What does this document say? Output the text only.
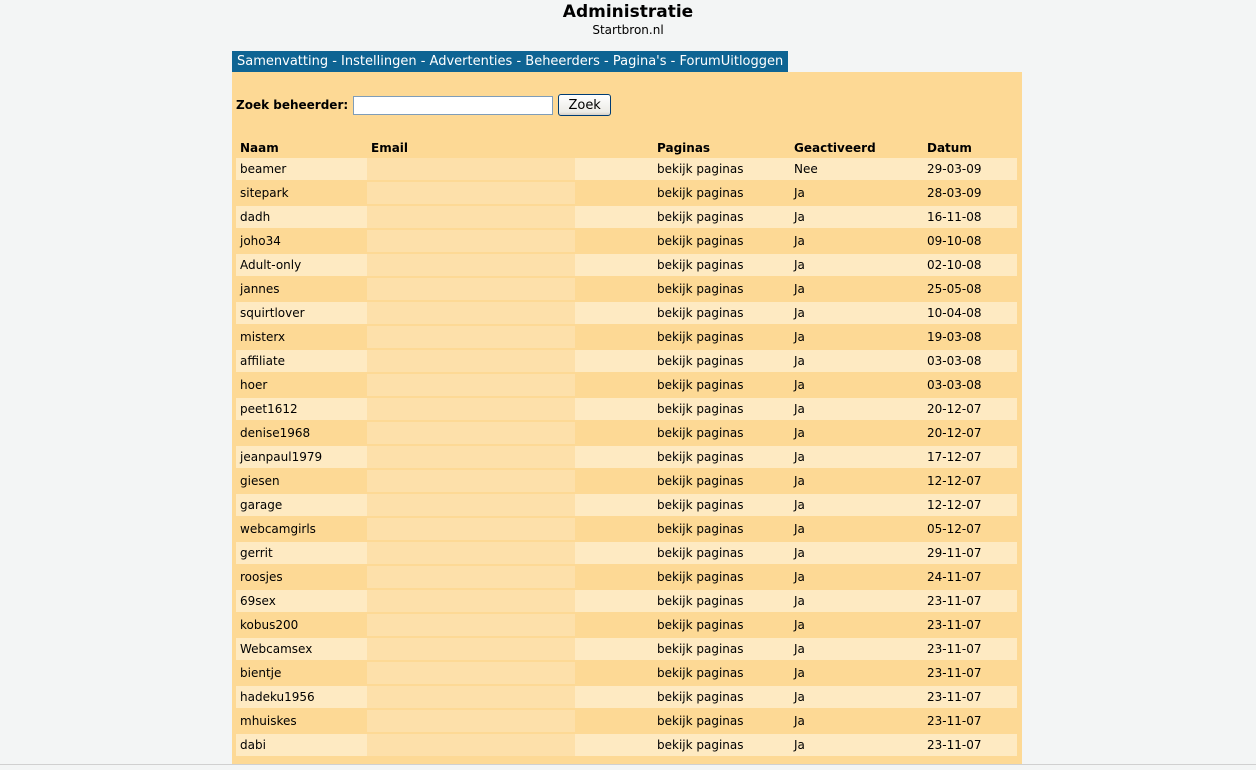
Administratie
Startbron.nl
Samenvatting - Instellingen - Advertenties - Beheerders - Pagina's - ForumUitloggen
Zoek beheerder:	Zoek
Naam	Email		Paginas	Geactiveerd	Datum
beamer			bekijk paginas	Nee	29-03-09
sitepark			bekijk paginas	Ja	28-03-09
dadh			bekijk paginas	Ja	16-11-08
joho34			bekijk paginas	Ja	09-10-08
Adult-only			bekijk paginas	Ja	02-10-08
jannes			bekijk paginas	Ja	25-05-08
squirtlover			bekijk paginas	Ja	10-04-08
misterx			bekijk paginas	Ja	19-03-08
affiliate			bekijk paginas	Ja	03-03-08
hoer			bekijk paginas	Ja	03-03-08
peet1612			bekijk paginas	Ja	20-12-07
denise1968			bekijk paginas	Ja	20-12-07
jeanpaul1979			bekijk paginas	Ja	17-12-07
giesen			bekijk paginas	Ja	12-12-07
garage			bekijk paginas	Ja	12-12-07
webcamgirls			bekijk paginas	Ja	05-12-07
gerrit			bekijk paginas	Ja	29-11-07
roosjes			bekijk paginas	Ja	24-11-07
69sex			bekijk paginas	Ja	23-11-07
kobus200			bekijk paginas	Ja	23-11-07
Webcamsex			bekijk paginas	Ja	23-11-07
bientje			bekijk paginas	Ja	23-11-07
hadeku1956			bekijk paginas	Ja	23-11-07
mhuiskes			bekijk paginas	Ja	23-11-07
dabi			bekijk paginas	Ja	23-11-07
